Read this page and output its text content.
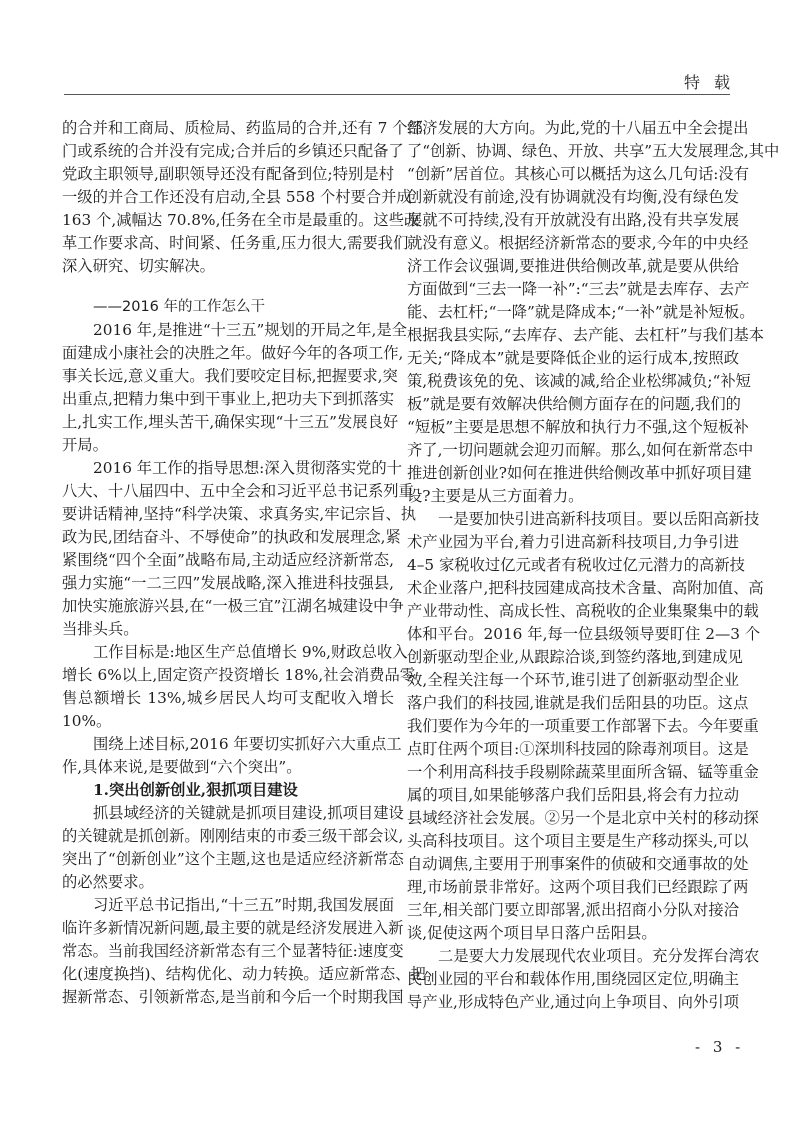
特载
的合并和工商局、质检局、药监局的合并,还有 7 个部
门或系统的合并没有完成;合并后的乡镇还只配备了
党政主职领导,副职领导还没有配备到位;特别是村
一级的并合工作还没有启动,全县 558 个村要合并成
163 个,减幅达 70.8%,任务在全市是最重的。这些改
革工作要求高、时间紧、任务重,压力很大,需要我们
深入研究、切实解决。
——2016 年的工作怎么干
2016 年,是推进“十三五”规划的开局之年,是全
面建成小康社会的决胜之年。做好今年的各项工作,
事关长远,意义重大。我们要咬定目标,把握要求,突
出重点,把精力集中到干事业上,把功夫下到抓落实
上,扎实工作,埋头苦干,确保实现“十三五”发展良好
开局。
2016 年工作的指导思想:深入贯彻落实党的十
八大、十八届四中、五中全会和习近平总书记系列重
要讲话精神,坚持“科学决策、求真务实,牢记宗旨、执
政为民,团结奋斗、不辱使命”的执政和发展理念,紧
紧围绕“四个全面”战略布局,主动适应经济新常态,
强力实施“一二三四”发展战略,深入推进科技强县,
加快实施旅游兴县,在“一极三宜”江湖名城建设中争
当排头兵。
工作目标是:地区生产总值增长 9%,财政总收入
增长 6%以上,固定资产投资增长 18%,社会消费品零
售总额增长 13%,城乡居民人均可支配收入增长
10%。
围绕上述目标,2016 年要切实抓好六大重点工
作,具体来说,是要做到“六个突出”。
1.突出创新创业,狠抓项目建设
抓县域经济的关键就是抓项目建设,抓项目建设
的关键就是抓创新。刚刚结束的市委三级干部会议,
突出了“创新创业”这个主题,这也是适应经济新常态
的必然要求。
习近平总书记指出,“十三五”时期,我国发展面
临许多新情况新问题,最主要的就是经济发展进入新
常态。当前我国经济新常态有三个显著特征:速度变
化(速度换挡)、结构优化、动力转换。适应新常态、把
握新常态、引领新常态,是当前和今后一个时期我国
经济发展的大方向。为此,党的十八届五中全会提出
了“创新、协调、绿色、开放、共享”五大发展理念,其中
“创新”居首位。其核心可以概括为这么几句话:没有
创新就没有前途,没有协调就没有均衡,没有绿色发
展就不可持续,没有开放就没有出路,没有共享发展
就没有意义。根据经济新常态的要求,今年的中央经
济工作会议强调,要推进供给侧改革,就是要从供给
方面做到“三去一降一补”:“三去”就是去库存、去产
能、去杠杆;“一降”就是降成本;“一补”就是补短板。
根据我县实际,“去库存、去产能、去杠杆”与我们基本
无关;“降成本”就是要降低企业的运行成本,按照政
策,税费该免的免、该减的减,给企业松绑减负;“补短
板”就是要有效解决供给侧方面存在的问题,我们的
“短板”主要是思想不解放和执行力不强,这个短板补
齐了,一切问题就会迎刃而解。那么,如何在新常态中
推进创新创业?如何在推进供给侧改革中抓好项目建
设?主要是从三方面着力。
一是要加快引进高新科技项目。要以岳阳高新技
术产业园为平台,着力引进高新科技项目,力争引进
4–5 家税收过亿元或者有税收过亿元潜力的高新技
术企业落户,把科技园建成高技术含量、高附加值、高
产业带动性、高成长性、高税收的企业集聚集中的载
体和平台。2016 年,每一位县级领导要盯住 2—3 个
创新驱动型企业,从跟踪洽谈,到签约落地,到建成见
效,全程关注每一个环节,谁引进了创新驱动型企业
落户我们的科技园,谁就是我们岳阳县的功臣。这点
我们要作为今年的一项重要工作部署下去。今年要重
点盯住两个项目:①深圳科技园的除毒剂项目。这是
一个利用高科技手段剔除蔬菜里面所含镉、锰等重金
属的项目,如果能够落户我们岳阳县,将会有力拉动
县域经济社会发展。②另一个是北京中关村的移动探
头高科技项目。这个项目主要是生产移动探头,可以
自动调焦,主要用于刑事案件的侦破和交通事故的处
理,市场前景非常好。这两个项目我们已经跟踪了两
三年,相关部门要立即部署,派出招商小分队对接洽
谈,促使这两个项目早日落户岳阳县。
二是要大力发展现代农业项目。充分发挥台湾农
民创业园的平台和载体作用,围绕园区定位,明确主
导产业,形成特色产业,通过向上争项目、向外引项
- 3 -
